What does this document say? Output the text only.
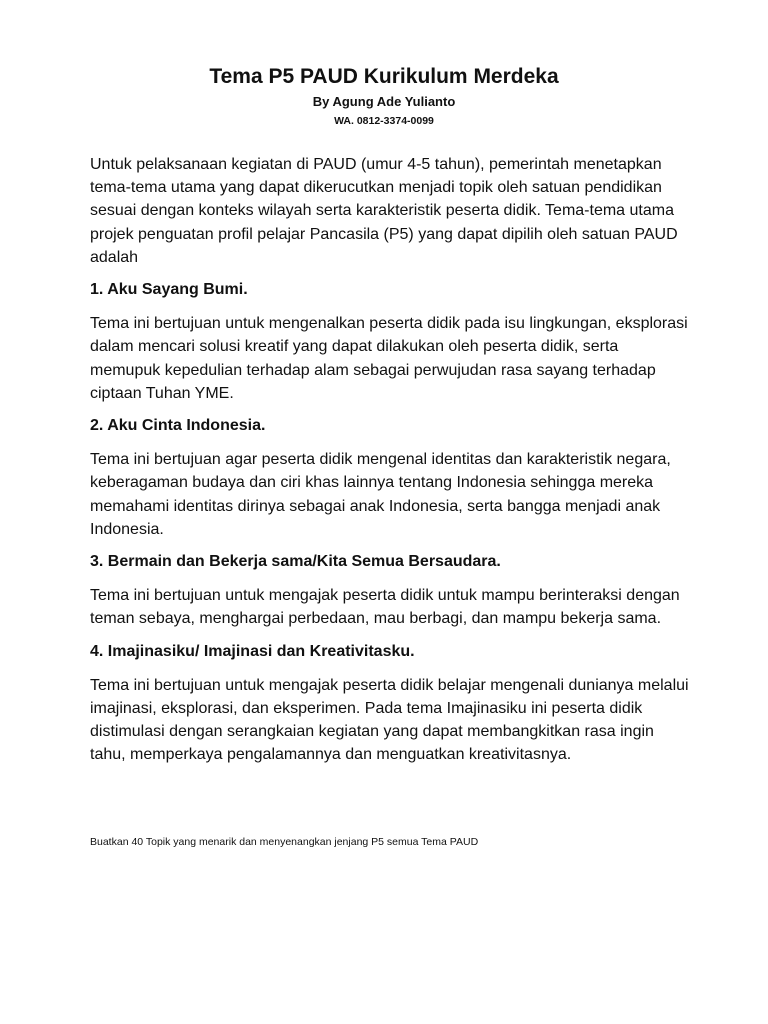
Tema P5 PAUD Kurikulum Merdeka
By Agung Ade Yulianto
WA. 0812-3374-0099

Untuk pelaksanaan kegiatan di PAUD (umur 4-5 tahun), pemerintah menetapkan tema-tema utama yang dapat dikerucutkan menjadi topik oleh satuan pendidikan sesuai dengan konteks wilayah serta karakteristik peserta didik. Tema-tema utama projek penguatan profil pelajar Pancasila (P5) yang dapat dipilih oleh satuan PAUD adalah

1. Aku Sayang Bumi.

Tema ini bertujuan untuk mengenalkan peserta didik pada isu lingkungan, eksplorasi dalam mencari solusi kreatif yang dapat dilakukan oleh peserta didik, serta memupuk kepedulian terhadap alam sebagai perwujudan rasa sayang terhadap ciptaan Tuhan YME.

2. Aku Cinta Indonesia.

Tema ini bertujuan agar peserta didik mengenal identitas dan karakteristik negara, keberagaman budaya dan ciri khas lainnya tentang Indonesia sehingga mereka memahami identitas dirinya sebagai anak Indonesia, serta bangga menjadi anak Indonesia.

3. Bermain dan Bekerja sama/Kita Semua Bersaudara.

Tema ini bertujuan untuk mengajak peserta didik untuk mampu berinteraksi dengan teman sebaya, menghargai perbedaan, mau berbagi, dan mampu bekerja sama.

4. Imajinasiku/ Imajinasi dan Kreativitasku.

Tema ini bertujuan untuk mengajak peserta didik belajar mengenali dunianya melalui imajinasi, eksplorasi, dan eksperimen. Pada tema Imajinasiku ini peserta didik distimulasi dengan serangkaian kegiatan yang dapat membangkitkan rasa ingin tahu, memperkaya pengalamannya dan menguatkan kreativitasnya.

Buatkan 40 Topik yang menarik dan menyenangkan jenjang P5 semua Tema PAUD
